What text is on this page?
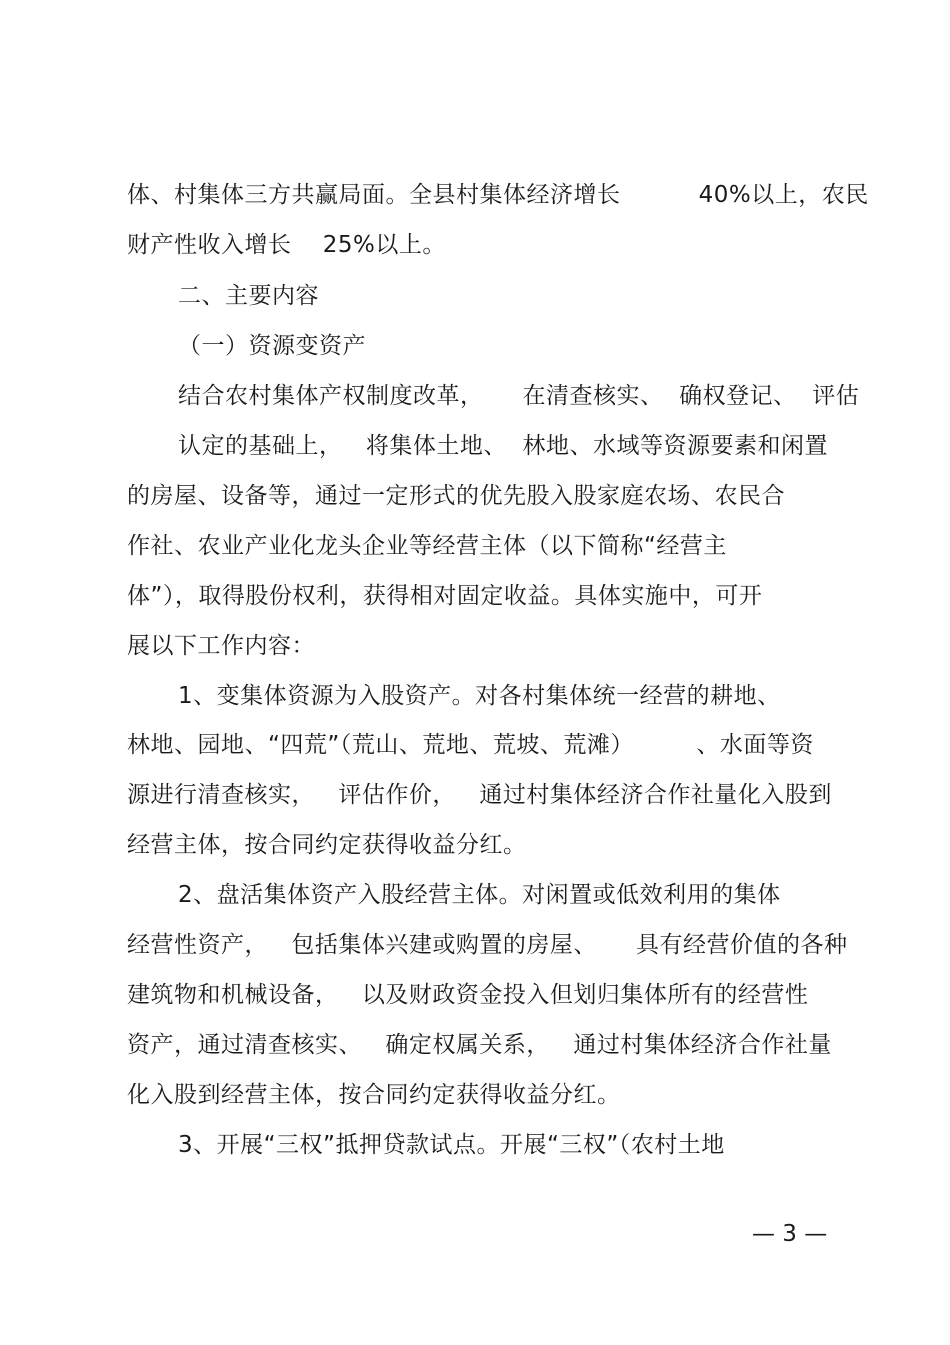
体、村集体三方共赢局面。全县村集体经济增长          40%以上，农民
财产性收入增长    25%以上。
二、主要内容
（一）资源变资产
结合农村集体产权制度改革，     在清查核实、  确权登记、  评估
认定的基础上，   将集体土地、  林地、水域等资源要素和闲置
的房屋、设备等，通过一定形式的优先股入股家庭农场、农民合
作社、农业产业化龙头企业等经营主体（以下简称“经营主
体”），取得股份权利，获得相对固定收益。具体实施中，可开
展以下工作内容：
1、变集体资源为入股资产。对各村集体统一经营的耕地、
林地、园地、“四荒”（荒山、荒地、荒坡、荒滩）        、水面等资
源进行清查核实，   评估作价，   通过村集体经济合作社量化入股到
经营主体，按合同约定获得收益分红。
2、盘活集体资产入股经营主体。对闲置或低效利用的集体
经营性资产，   包括集体兴建或购置的房屋、     具有经营价值的各种
建筑物和机械设备，   以及财政资金投入但划归集体所有的经营性
资产，通过清查核实、   确定权属关系，   通过村集体经济合作社量
化入股到经营主体，按合同约定获得收益分红。
3、开展“三权”抵押贷款试点。开展“三权”（农村土地
— 3 —
